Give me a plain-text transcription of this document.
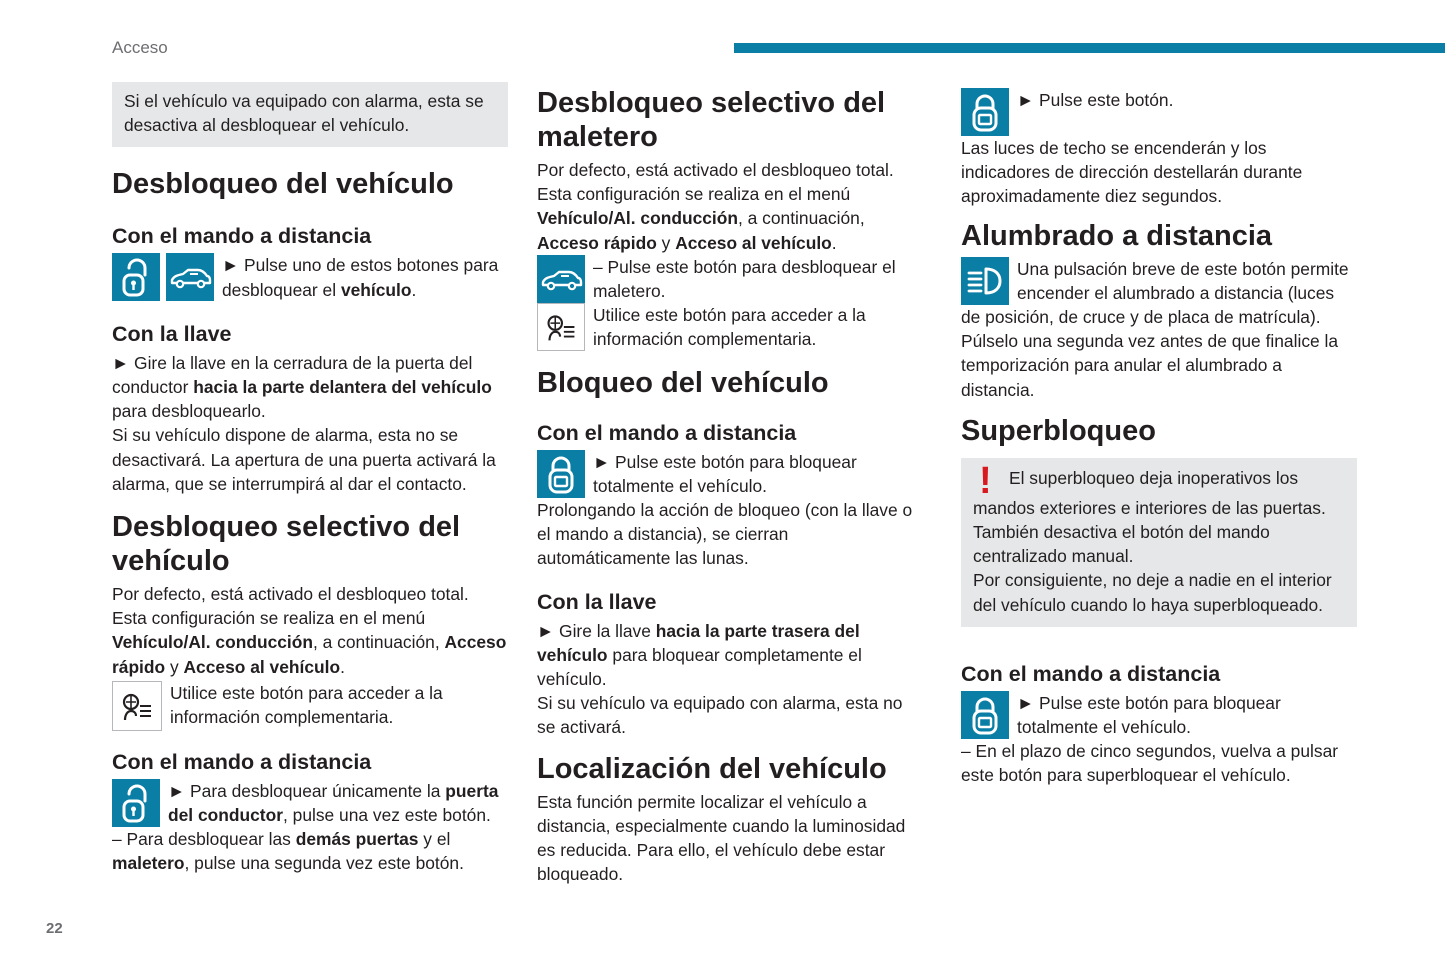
Acceso

Si el vehículo va equipado con alarma, esta se desactiva al desbloquear el vehículo.

Desbloqueo del vehículo
Con el mando a distancia

► Pulse uno de estos botones para desbloquear el vehículo.

Con la llave

► Gire la llave en la cerradura de la puerta del conductor hacia la parte delantera del vehículo para desbloquearlo.

Si su vehículo dispone de alarma, esta no se desactivará. La apertura de una puerta activará la alarma, que se interrumpirá al dar el contacto.

Desbloqueo selectivo del vehículo

Por defecto, está activado el desbloqueo total. Esta configuración se realiza en el menú Vehículo/Al. conducción, a continuación, Acceso rápido y Acceso al vehículo.

Utilice este botón para acceder a la información complementaria.

Con el mando a distancia

► Para desbloquear únicamente la puerta del conductor, pulse una vez este botón.

– Para desbloquear las demás puertas y el maletero, pulse una segunda vez este botón.

Desbloqueo selectivo del maletero

Por defecto, está activado el desbloqueo total. Esta configuración se realiza en el menú Vehículo/Al. conducción, a continuación, Acceso rápido y Acceso al vehículo.

– Pulse este botón para desbloquear el maletero.

Utilice este botón para acceder a la información complementaria.

Bloqueo del vehículo
Con el mando a distancia

► Pulse este botón para bloquear totalmente el vehículo.

Prolongando la acción de bloqueo (con la llave o el mando a distancia), se cierran automáticamente las lunas.

Con la llave

► Gire la llave hacia la parte trasera del vehículo para bloquear completamente el vehículo.

Si su vehículo va equipado con alarma, esta no se activará.

Localización del vehículo

Esta función permite localizar el vehículo a distancia, especialmente cuando la luminosidad es reducida. Para ello, el vehículo debe estar bloqueado.

► Pulse este botón.

Las luces de techo se encenderán y los indicadores de dirección destellarán durante aproximadamente diez segundos.

Alumbrado a distancia

Una pulsación breve de este botón permite encender el alumbrado a distancia (luces de posición, de cruce y de placa de matrícula).

Púlselo una segunda vez antes de que finalice la temporización para anular el alumbrado a distancia.

Superbloqueo

! El superbloqueo deja inoperativos los mandos exteriores e interiores de las puertas.

También desactiva el botón del mando centralizado manual.

Por consiguiente, no deje a nadie en el interior del vehículo cuando lo haya superbloqueado.

Con el mando a distancia

► Pulse este botón para bloquear totalmente el vehículo.

– En el plazo de cinco segundos, vuelva a pulsar este botón para superbloquear el vehículo.

22
